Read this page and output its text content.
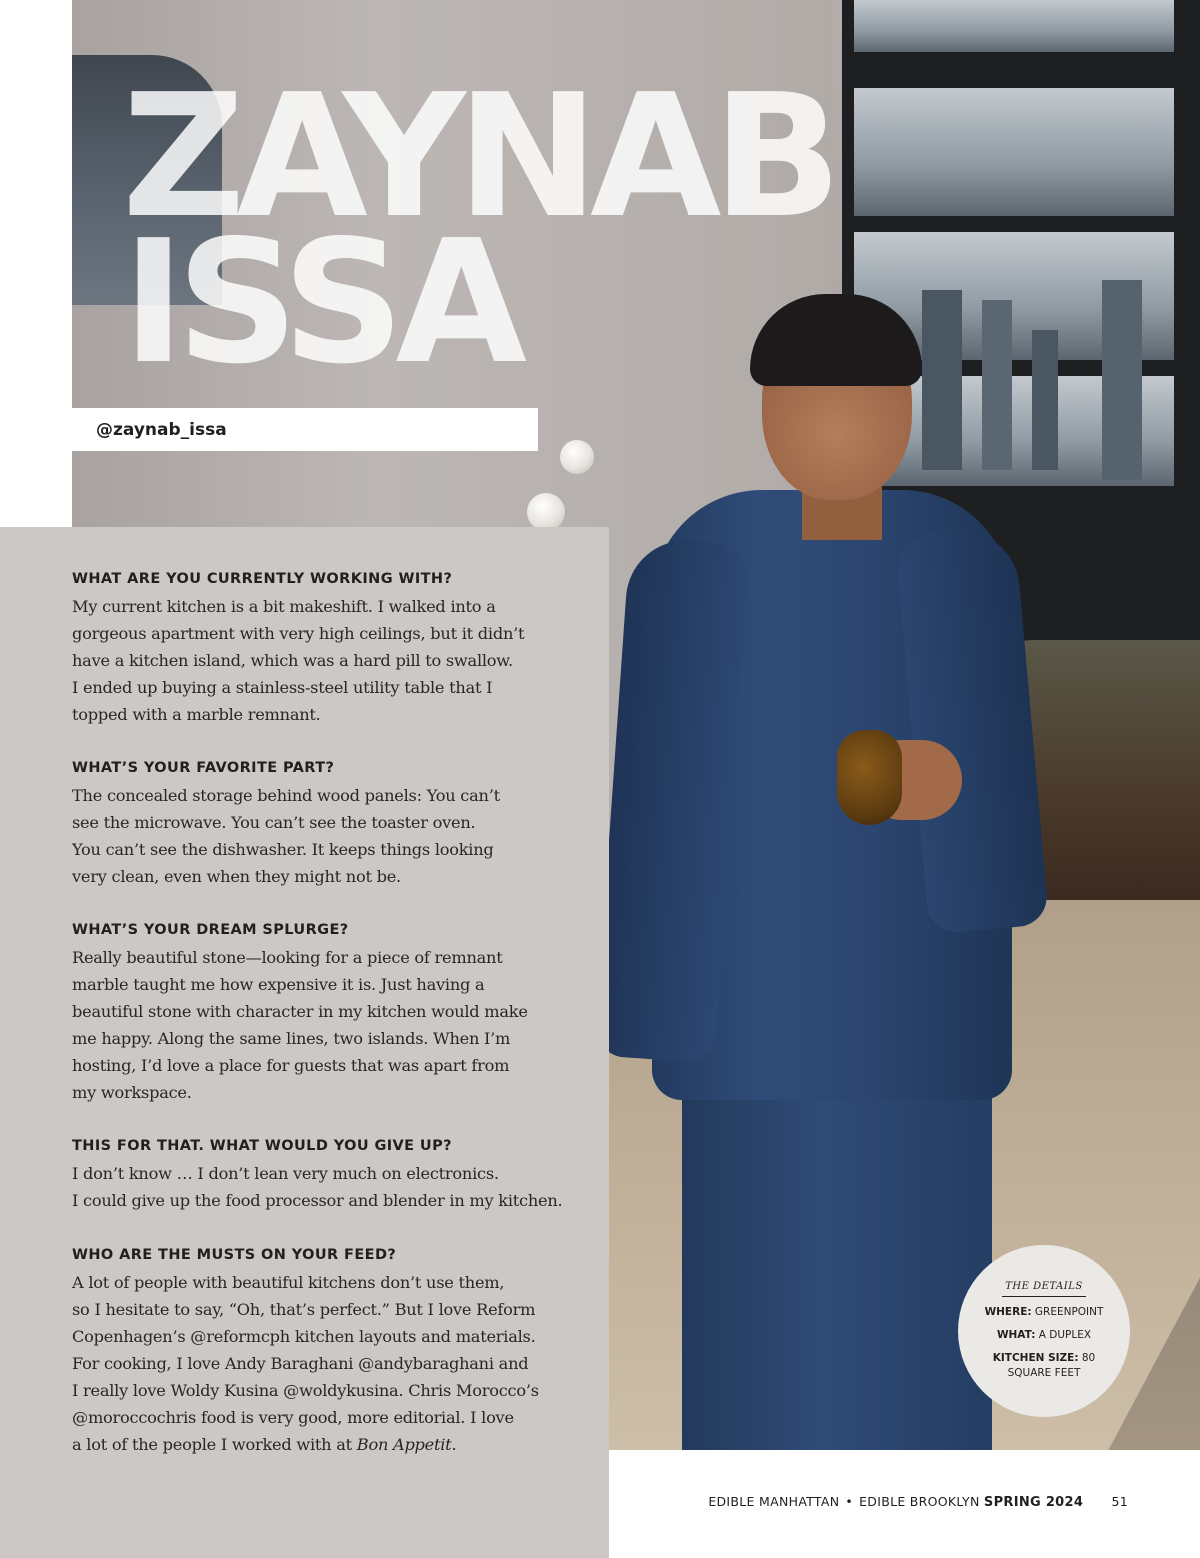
ZAYNAB
ISSA
@zaynab_issa

WHAT ARE YOU CURRENTLY WORKING WITH?

My current kitchen is a bit makeshift. I walked into a
gorgeous apartment with very high ceilings, but it didn’t
have a kitchen island, which was a hard pill to swallow.
I ended up buying a stainless-steel utility table that I
topped with a marble remnant.

WHAT’S YOUR FAVORITE PART?

The concealed storage behind wood panels: You can’t
see the microwave. You can’t see the toaster oven.
You can’t see the dishwasher. It keeps things looking
very clean, even when they might not be.

WHAT’S YOUR DREAM SPLURGE?

Really beautiful stone—looking for a piece of remnant
marble taught me how expensive it is. Just having a
beautiful stone with character in my kitchen would make
me happy. Along the same lines, two islands. When I’m
hosting, I’d love a place for guests that was apart from
my workspace.

THIS FOR THAT. WHAT WOULD YOU GIVE UP?

I don’t know … I don’t lean very much on electronics.
I could give up the food processor and blender in my kitchen.

WHO ARE THE MUSTS ON YOUR FEED?

A lot of people with beautiful kitchens don’t use them,
so I hesitate to say, “Oh, that’s perfect.” But I love Reform
Copenhagen’s @reformcph kitchen layouts and materials.
For cooking, I love Andy Baraghani @andybaraghani and
I really love Woldy Kusina @woldykusina. Chris Morocco’s
@moroccochris food is very good, more editorial. I love
a lot of the people I worked with at Bon Appetit.

THE DETAILS
WHERE: GREENPOINT
WHAT: A DUPLEX
KITCHEN SIZE: 80
SQUARE FEET
EDIBLE MANHATTAN • EDIBLE BROOKLYN SPRING 2024 51
